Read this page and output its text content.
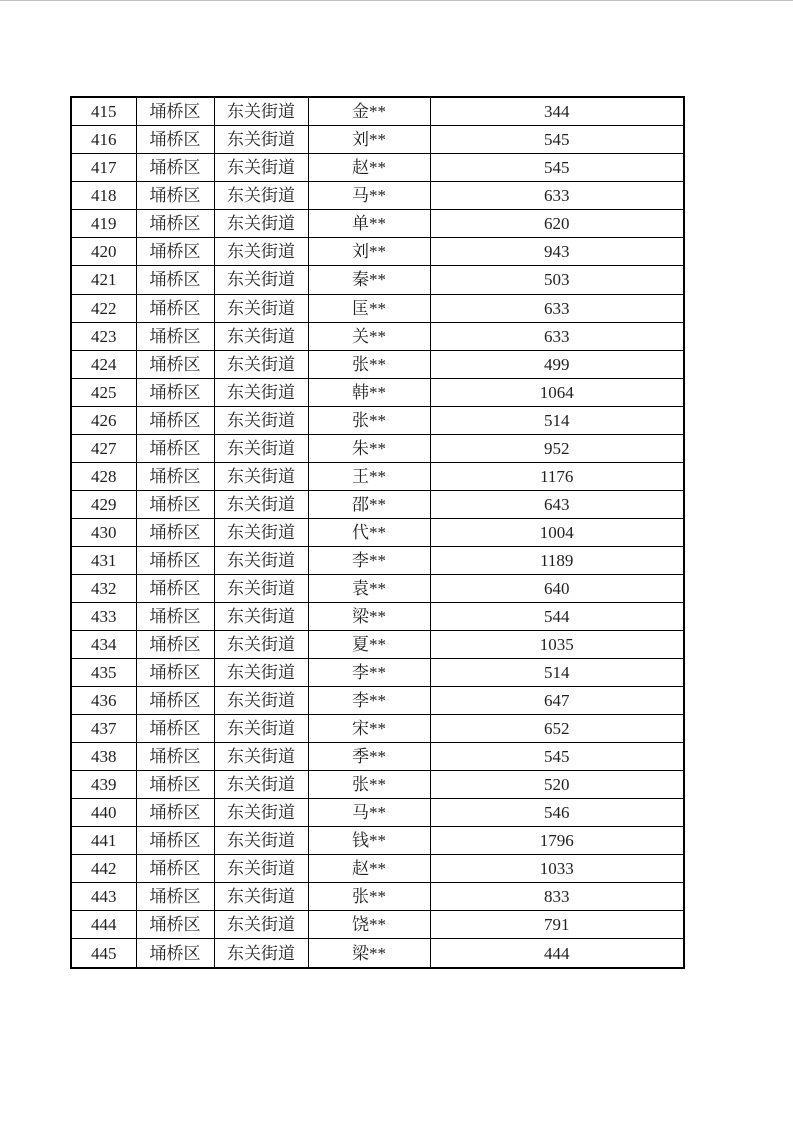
415	埇桥区	东关街道	金**	344
416	埇桥区	东关街道	刘**	545
417	埇桥区	东关街道	赵**	545
418	埇桥区	东关街道	马**	633
419	埇桥区	东关街道	单**	620
420	埇桥区	东关街道	刘**	943
421	埇桥区	东关街道	秦**	503
422	埇桥区	东关街道	匡**	633
423	埇桥区	东关街道	关**	633
424	埇桥区	东关街道	张**	499
425	埇桥区	东关街道	韩**	1064
426	埇桥区	东关街道	张**	514
427	埇桥区	东关街道	朱**	952
428	埇桥区	东关街道	王**	1176
429	埇桥区	东关街道	邵**	643
430	埇桥区	东关街道	代**	1004
431	埇桥区	东关街道	李**	1189
432	埇桥区	东关街道	袁**	640
433	埇桥区	东关街道	梁**	544
434	埇桥区	东关街道	夏**	1035
435	埇桥区	东关街道	李**	514
436	埇桥区	东关街道	李**	647
437	埇桥区	东关街道	宋**	652
438	埇桥区	东关街道	季**	545
439	埇桥区	东关街道	张**	520
440	埇桥区	东关街道	马**	546
441	埇桥区	东关街道	钱**	1796
442	埇桥区	东关街道	赵**	1033
443	埇桥区	东关街道	张**	833
444	埇桥区	东关街道	饶**	791
445	埇桥区	东关街道	梁**	444
